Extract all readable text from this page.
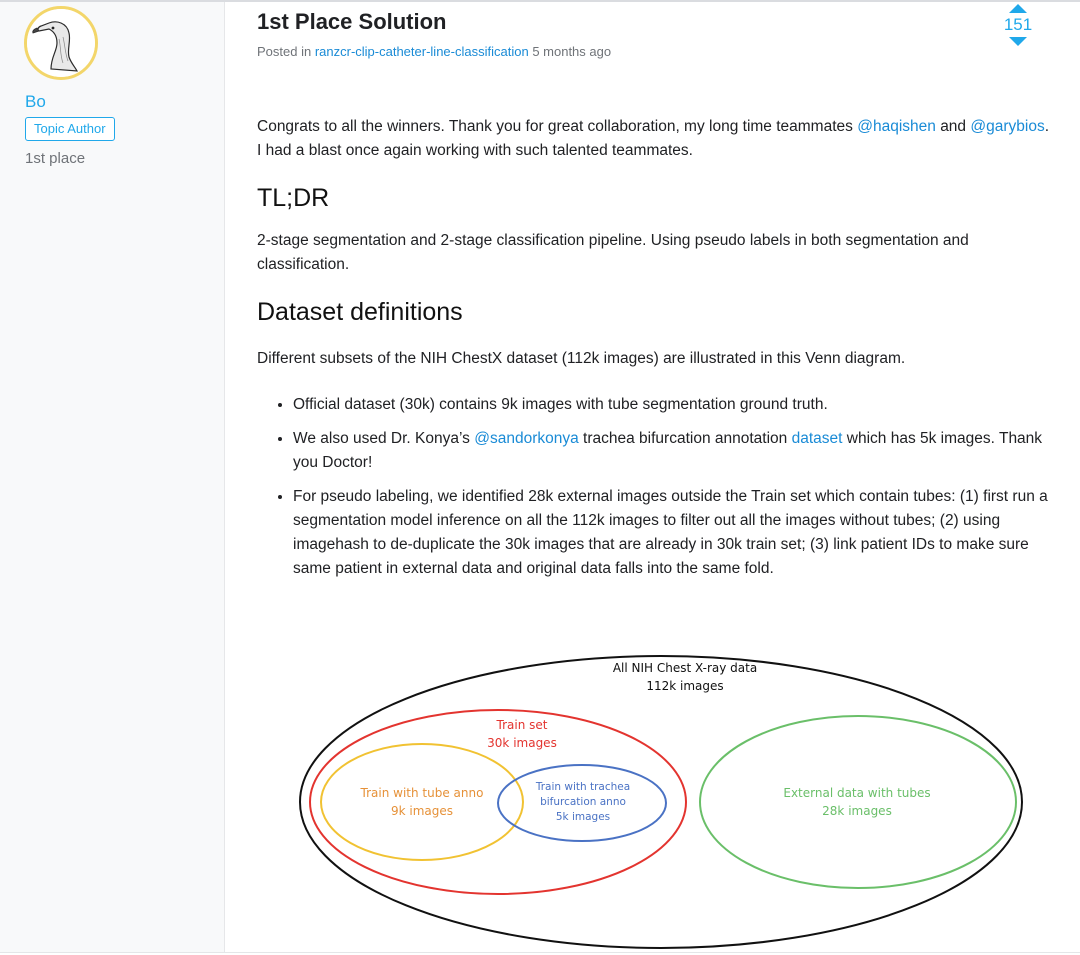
Bo
Topic Author
1st place
1st Place Solution
Posted in ranzcr-clip-catheter-line-classification 5 months ago
151

Congrats to all the winners. Thank you for great collaboration, my long time teammates @haqishen and @garybios. I had a blast once again working with such talented teammates.

TL;DR

2-stage segmentation and 2-stage classification pipeline. Using pseudo labels in both segmentation and classification.

Dataset definitions

Different subsets of the NIH ChestX dataset (112k images) are illustrated in this Venn diagram.

• Official dataset (30k) contains 9k images with tube segmentation ground truth.
• We also used Dr. Konya’s @sandorkonya trachea bifurcation annotation dataset which has 5k images. Thank you Doctor!
• For pseudo labeling, we identified 28k external images outside the Train set which contain tubes: (1) first run a segmentation model inference on all the 112k images to filter out all the images without tubes; (2) using imagehash to de-duplicate the 30k images that are already in 30k train set; (3) link patient IDs to make sure same patient in external data and original data falls into the same fold.
All NIH Chest X-ray data
112k images
Train set
30k images
Train with tube anno
9k images
Train with trachea
bifurcation anno
5k images
External data with tubes
28k images
